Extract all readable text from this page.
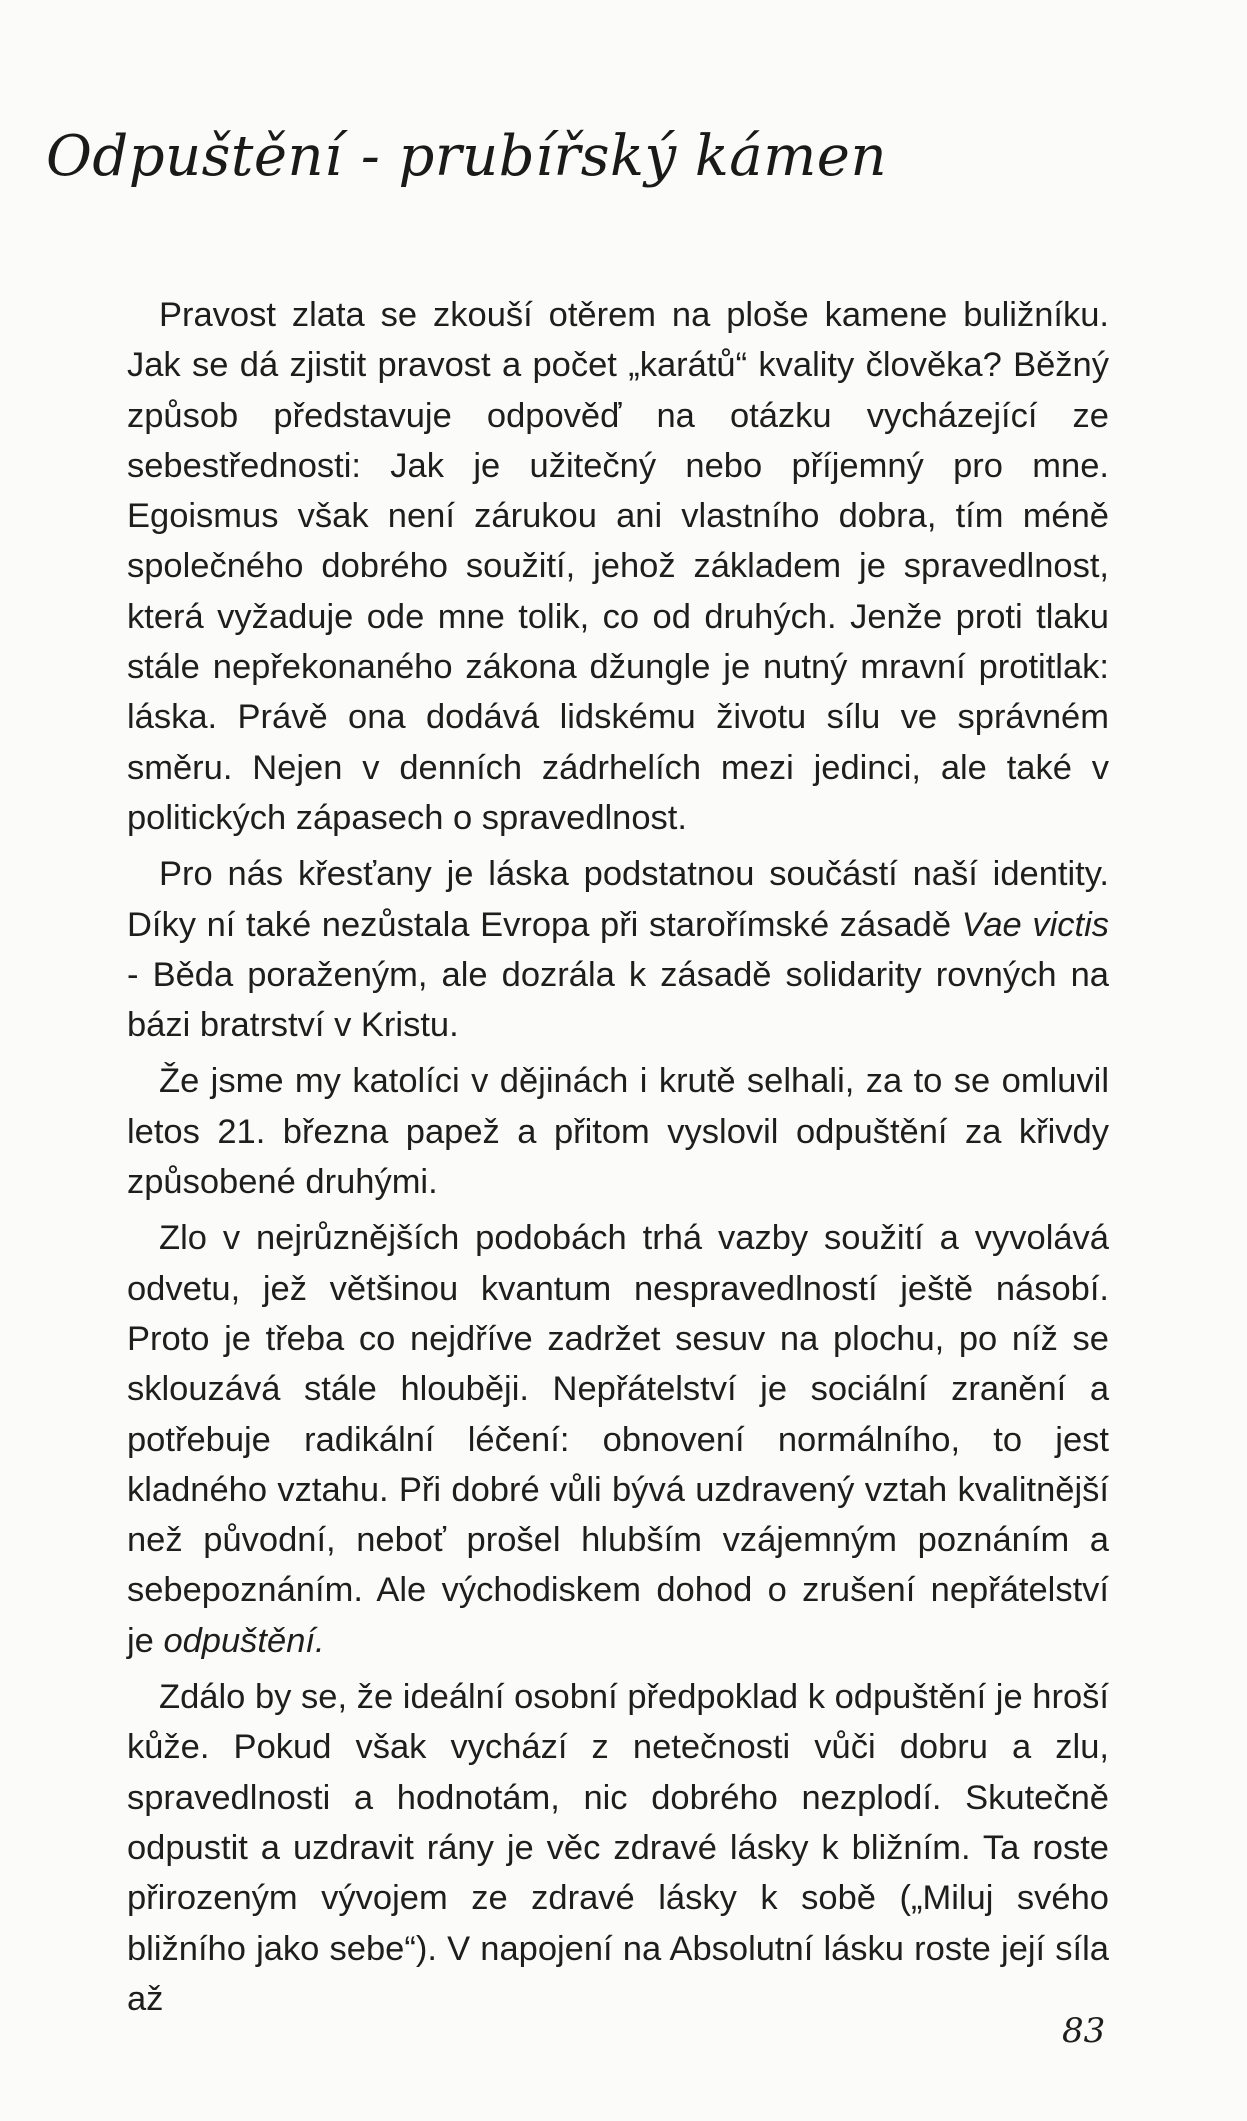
Odpuštění - prubířský kámen

Pravost zlata se zkouší otěrem na ploše kamene buližníku. Jak se dá zjistit pravost a počet „karátů“ kvality člověka? Běžný způsob představuje odpověď na otázku vycházející ze sebestřednosti: Jak je užitečný nebo příjemný pro mne. Egoismus však není zárukou ani vlastního dobra, tím méně společného dobrého soužití, jehož základem je spravedlnost, která vyžaduje ode mne tolik, co od druhých. Jenže proti tlaku stále nepřekonaného zákona džungle je nutný mravní protitlak: láska. Právě ona dodává lidskému životu sílu ve správném směru. Nejen v denních zádrhelích mezi jedinci, ale také v politických zápasech o spravedlnost.

Pro nás křesťany je láska podstatnou součástí naší identity. Díky ní také nezůstala Evropa při starořímské zásadě Vae victis - Běda poraženým, ale dozrála k zásadě solidarity rovných na bázi bratrství v Kristu.

Že jsme my katolíci v dějinách i krutě selhali, za to se omluvil letos 21. března papež a přitom vyslovil odpuštění za křivdy způsobené druhými.

Zlo v nejrůznějších podobách trhá vazby soužití a vyvolává odvetu, jež většinou kvantum nespravedlností ještě násobí. Proto je třeba co nejdříve zadržet sesuv na plochu, po níž se sklouzává stále hlouběji. Nepřátelství je sociální zranění a potřebuje radikální léčení: obnovení normálního, to jest kladného vztahu. Při dobré vůli bývá uzdravený vztah kvalitnější než původní, neboť prošel hlubším vzájemným poznáním a sebepoznáním. Ale východiskem dohod o zrušení nepřátelství je odpuštění.

Zdálo by se, že ideální osobní předpoklad k odpuštění je hroší kůže. Pokud však vychází z netečnosti vůči dobru a zlu, spravedlnosti a hodnotám, nic dobrého nezplodí. Skutečně odpustit a uzdravit rány je věc zdravé lásky k bližním. Ta roste přirozeným vývojem ze zdravé lásky k sobě („Miluj svého bližního jako sebe“). V napojení na Absolutní lásku roste její síla až

83
